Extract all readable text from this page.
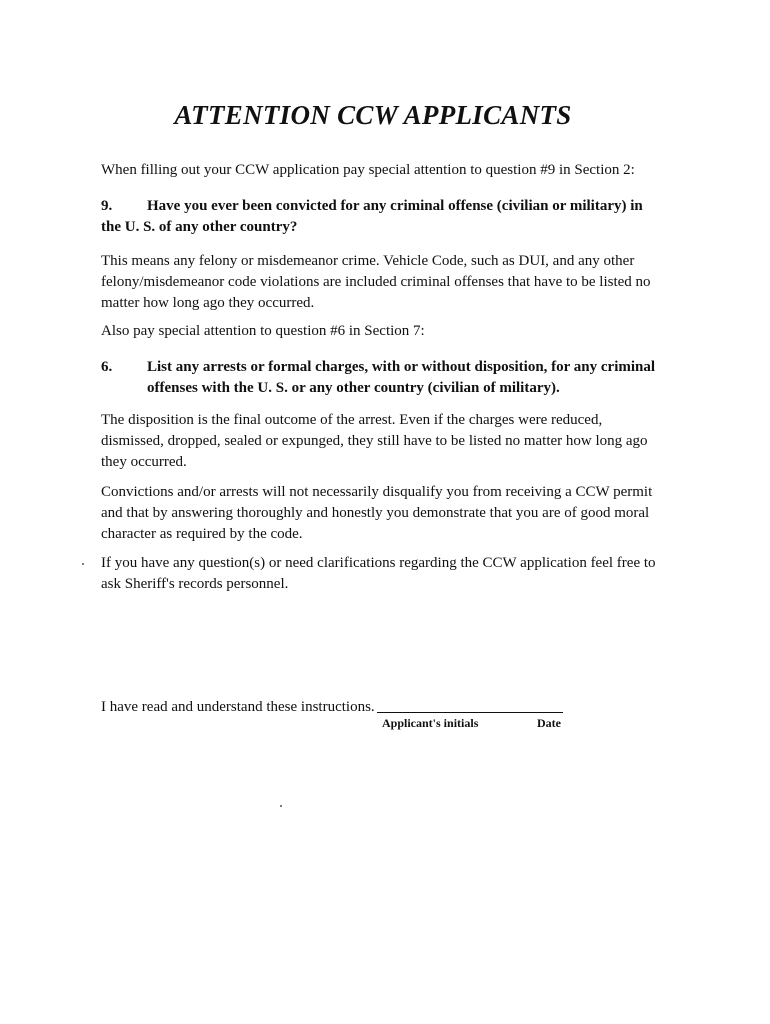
ATTENTION CCW APPLICANTS

When filling out your CCW application pay special attention to question #9 in Section 2:

9. Have you ever been convicted for any criminal offense (civilian or military) in the U. S. of any other country?

This means any felony or misdemeanor crime. Vehicle Code, such as DUI, and any other felony/misdemeanor code violations are included criminal offenses that have to be listed no matter how long ago they occurred.

Also pay special attention to question #6 in Section 7:

6. List any arrests or formal charges, with or without disposition, for any criminal offenses with the U. S. or any other country (civilian of military).

The disposition is the final outcome of the arrest. Even if the charges were reduced, dismissed, dropped, sealed or expunged, they still have to be listed no matter how long ago they occurred.

Convictions and/or arrests will not necessarily disqualify you from receiving a CCW permit and that by answering thoroughly and honestly you demonstrate that you are of good moral character as required by the code.

If you have any question(s) or need clarifications regarding the CCW application feel free to ask Sheriff's records personnel.

I have read and understand these instructions.
Applicant's initials	Date
